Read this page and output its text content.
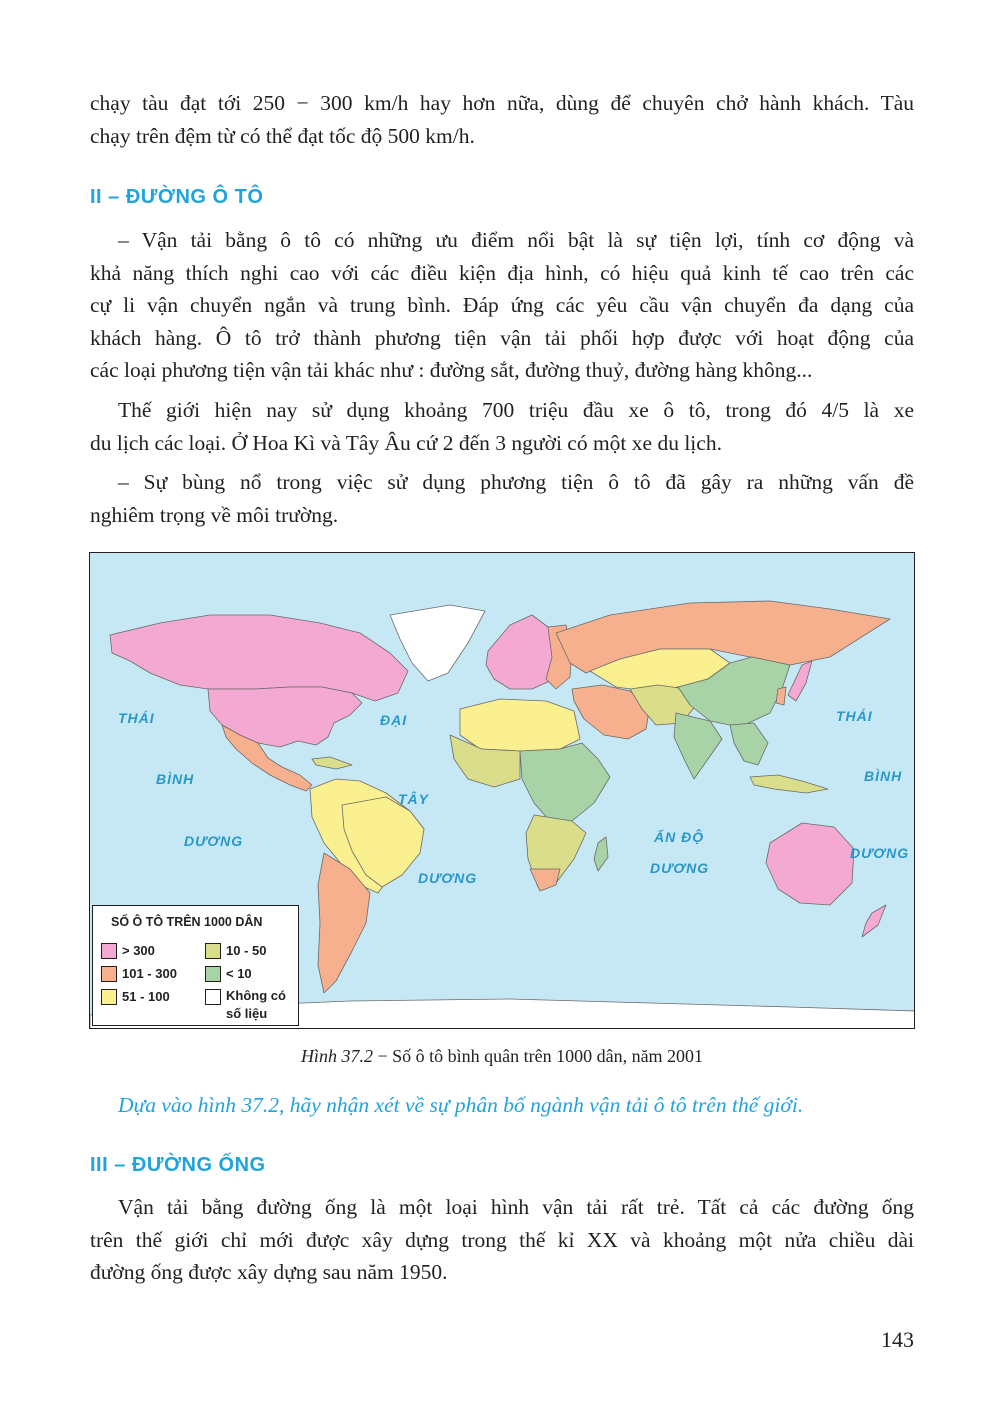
chạy tàu đạt tới 250 − 300 km/h hay hơn nữa, dùng để chuyên chở hành khách. Tàu
chạy trên đệm từ có thể đạt tốc độ 500 km/h.

II – ĐƯỜNG Ô TÔ

– Vận tải bằng ô tô có những ưu điểm nổi bật là sự tiện lợi, tính cơ động và
khả năng thích nghi cao với các điều kiện địa hình, có hiệu quả kinh tế cao trên các
cự li vận chuyển ngắn và trung bình. Đáp ứng các yêu cầu vận chuyển đa dạng của
khách hàng. Ô tô trở thành phương tiện vận tải phối hợp được với hoạt động của
các loại phương tiện vận tải khác như : đường sắt, đường thuỷ, đường hàng không...

Thế giới hiện nay sử dụng khoảng 700 triệu đầu xe ô tô, trong đó 4/5 là xe
du lịch các loại. Ở Hoa Kì và Tây Âu cứ 2 đến 3 người có một xe du lịch.

– Sự bùng nổ trong việc sử dụng phương tiện ô tô đã gây ra những vấn đề
nghiêm trọng về môi trường.

THÁI
BÌNH
DƯƠNG
ĐẠI
TÂY
DƯƠNG
ẤN ĐỘ
DƯƠNG
THÁI
BÌNH
DƯƠNG
SỐ Ô TÔ TRÊN 1000 DÂN
> 300
101 - 300
51 - 100
10 - 50
< 10
Không có
số liệu

Hình 37.2 − Số ô tô bình quân trên 1000 dân, năm 2001

Dựa vào hình 37.2, hãy nhận xét về sự phân bố ngành vận tải ô tô trên thế giới.

III – ĐƯỜNG ỐNG

Vận tải bằng đường ống là một loại hình vận tải rất trẻ. Tất cả các đường ống
trên thế giới chỉ mới được xây dựng trong thế kỉ XX và khoảng một nửa chiều dài
đường ống được xây dựng sau năm 1950.

143
